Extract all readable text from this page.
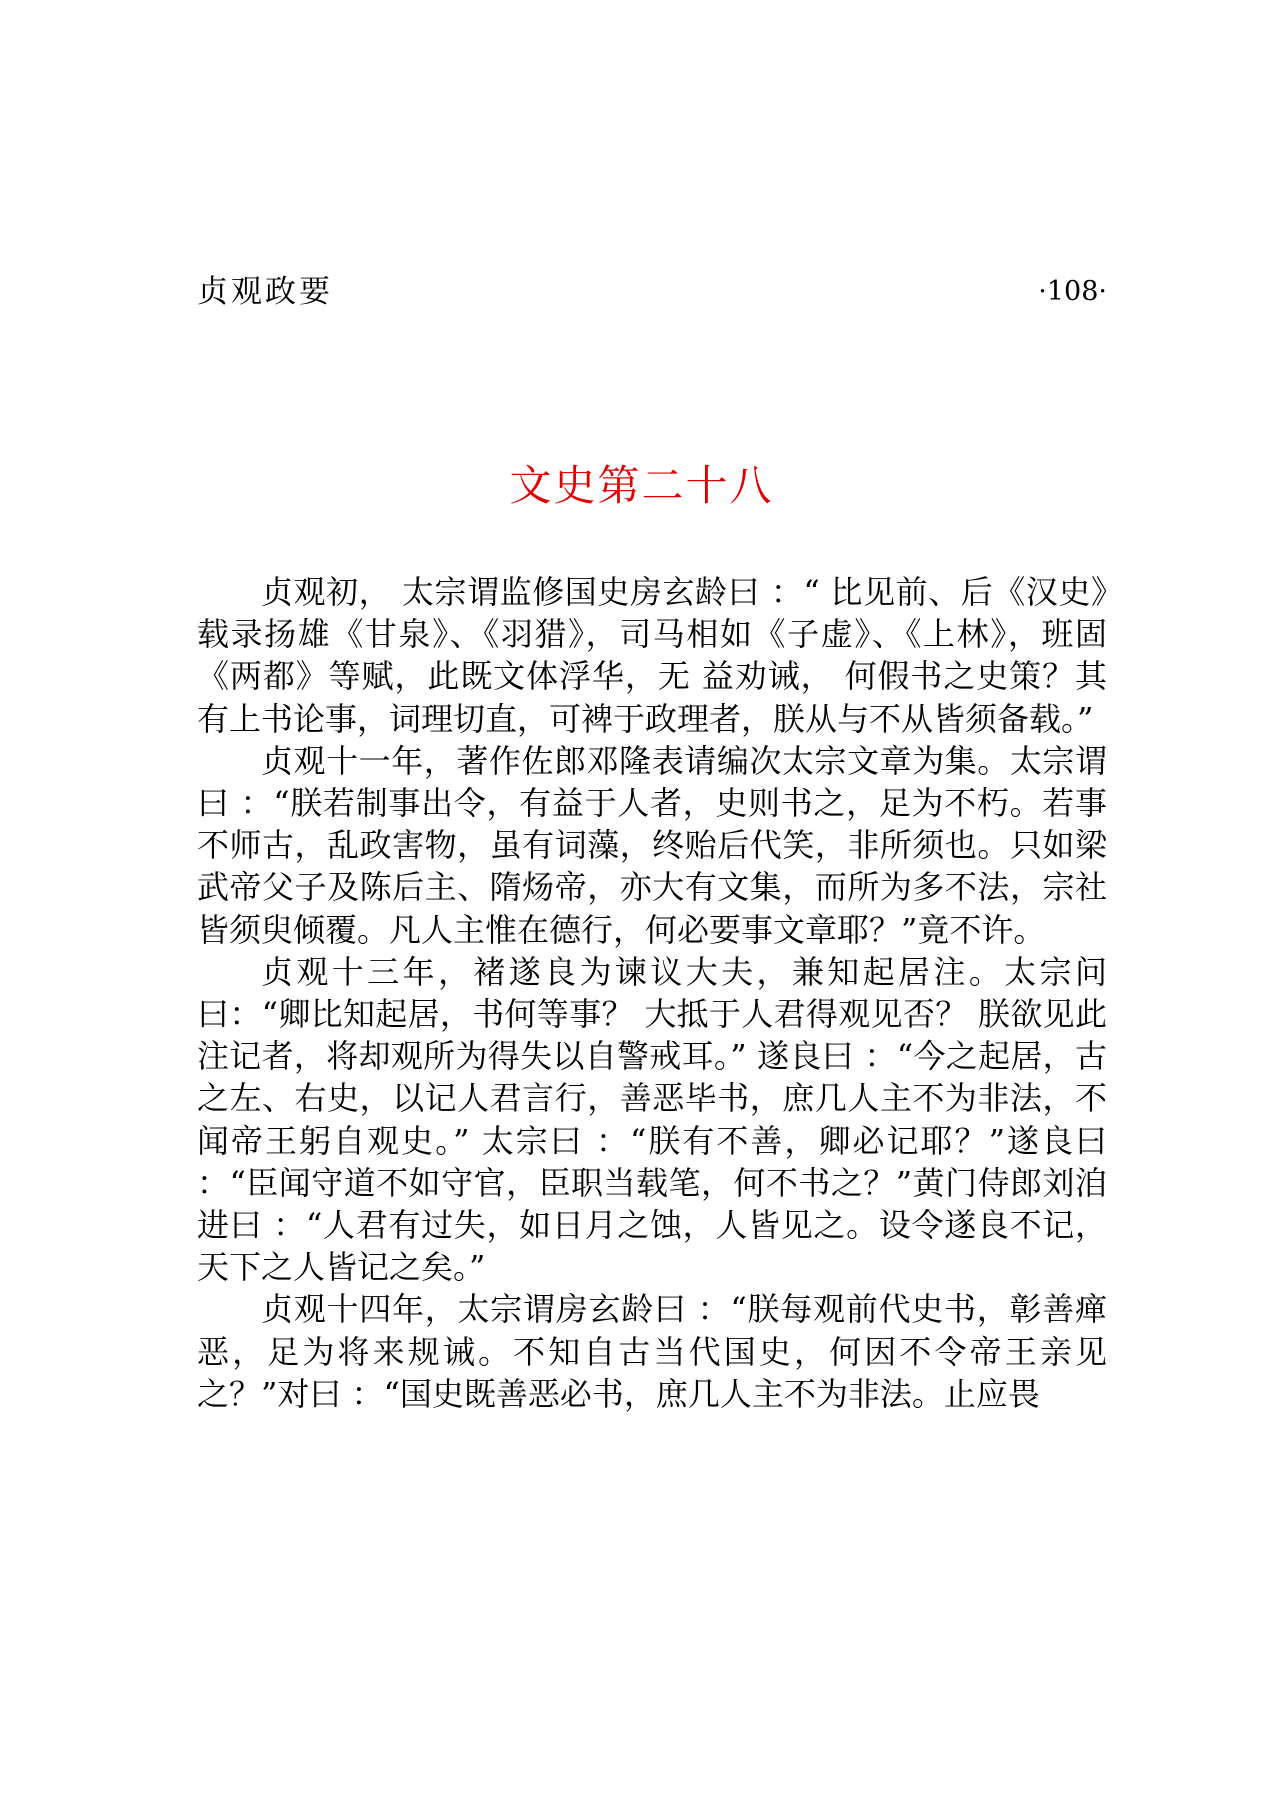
贞观政要	·108·
文史第二十八

贞观初， 太宗谓监修国史房玄龄曰 ：“ 比见前、后《汉史》载录扬雄《甘泉》、《羽猎》，司马相如《子虚》、《上林》，班固《两都》等赋，此既文体浮华，无 益劝诫， 何假书之史策？其有上书论事，词理切直，可裨于政理者，朕从与不从皆须备载。”

贞观十一年，著作佐郎邓隆表请编次太宗文章为集。太宗谓曰 ：“朕若制事出令，有益于人者，史则书之，足为不朽。若事不师古，乱政害物，虽有词藻，终贻后代笑，非所须也。只如梁武帝父子及陈后主、隋炀帝，亦大有文集，而所为多不法，宗社皆须臾倾覆。凡人主惟在德行，何必要事文章耶？”竟不许。

贞观十三年，褚遂良为谏议大夫，兼知起居注。太宗问曰：“卿比知起居，书何等事？ 大抵于人君得观见否？ 朕欲见此注记者，将却观所为得失以自警戒耳。” 遂良曰 ：“今之起居，古之左、右史，以记人君言行，善恶毕书，庶几人主不为非法，不闻帝王躬自观史。” 太宗曰 ：“朕有不善，卿必记耶？”遂良曰 ：“臣闻守道不如守官，臣职当载笔，何不书之？”黄门侍郎刘洎进曰 ：“人君有过失，如日月之蚀，人皆见之。设令遂良不记，天下之人皆记之矣。”

贞观十四年，太宗谓房玄龄曰 ：“朕每观前代史书，彰善瘅恶，足为将来规诫。不知自古当代国史，何因不令帝王亲见之？”对曰 ：“国史既善恶必书，庶几人主不为非法。止应畏
